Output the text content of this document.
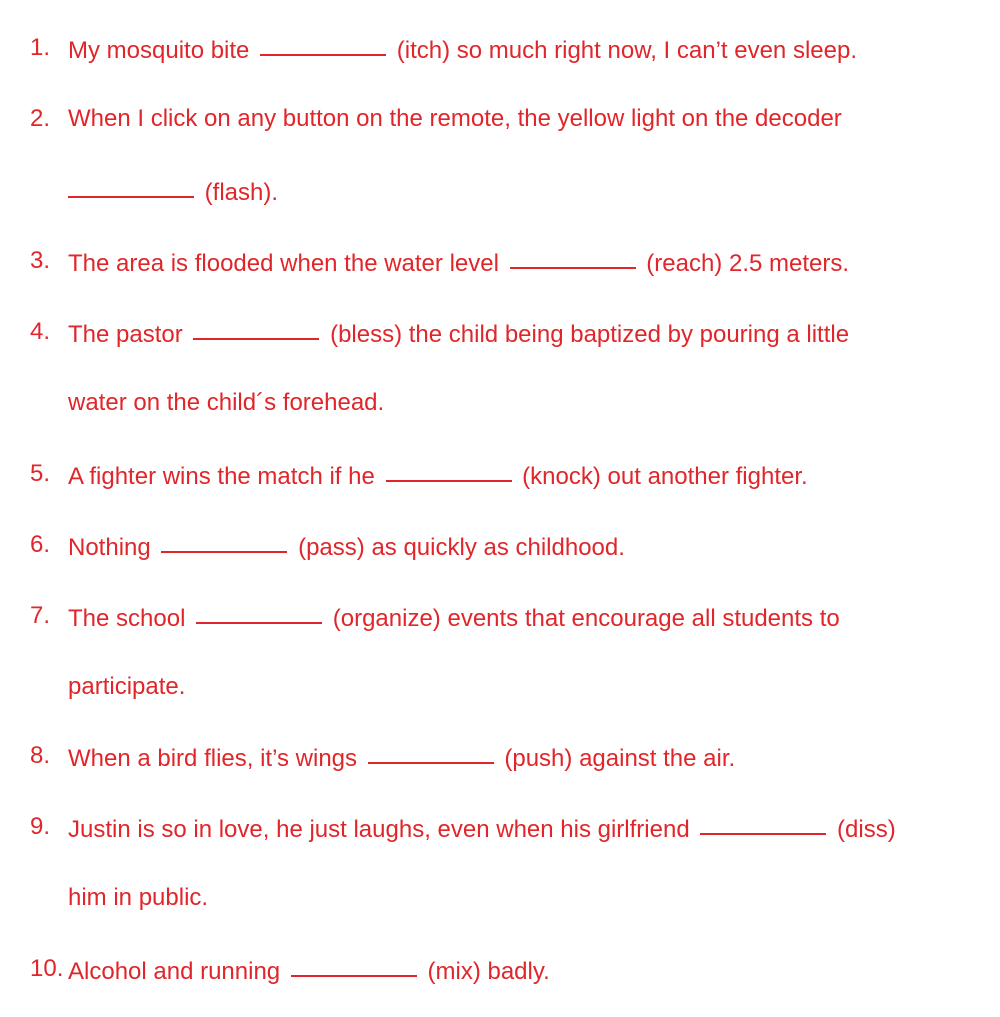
1. My mosquito bite	(itch) so much right now, I can’t even sleep.
2. When I click on any button on the remote, the yellow light on the decoder
(flash).
3. The area is flooded when the water level	(reach) 2.5 meters.
4. The pastor	(bless) the child being baptized by pouring a little
water on the child´s forehead.
5. A fighter wins the match if he	(knock) out another fighter.
6. Nothing	(pass) as quickly as childhood.
7. The school	(organize) events that encourage all students to
participate.
8. When a bird flies, it’s wings	(push) against the air.
9. Justin is so in love, he just laughs, even when his girlfriend	(diss)
him in public.
10. Alcohol and running	(mix) badly.
